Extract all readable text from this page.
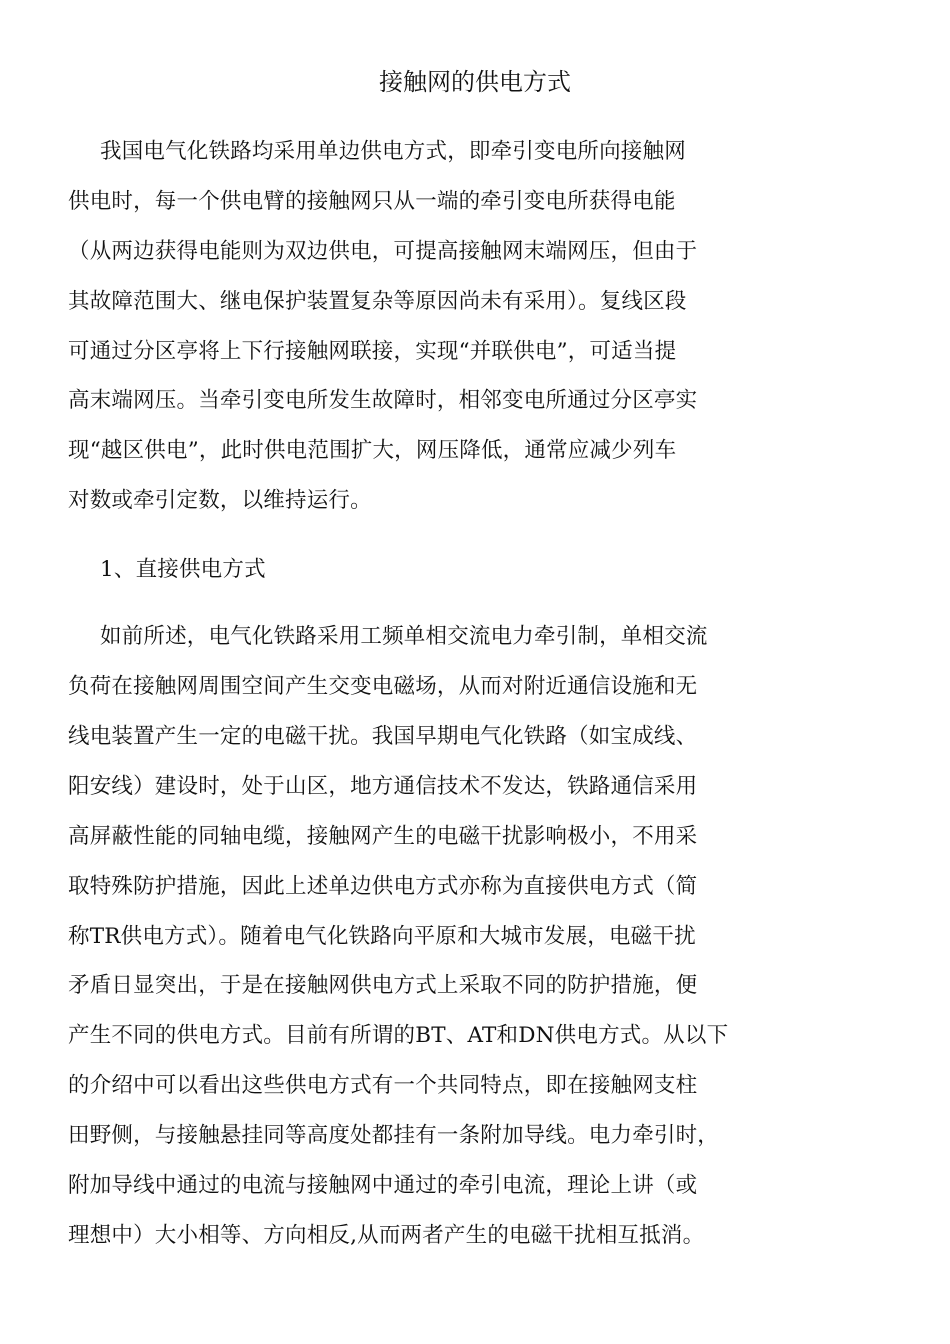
接触网的供电方式

我国电气化铁路均采用单边供电方式，即牵引变电所向接触网

供电时，每一个供电臂的接触网只从一端的牵引变电所获得电能

（从两边获得电能则为双边供电，可提高接触网末端网压，但由于

其故障范围大、继电保护装置复杂等原因尚未有采用）。复线区段

可通过分区亭将上下行接触网联接，实现“并联供电”，可适当提

高末端网压。当牵引变电所发生故障时，相邻变电所通过分区亭实

现“越区供电”，此时供电范围扩大，网压降低，通常应减少列车

对数或牵引定数，以维持运行。

1、直接供电方式

如前所述，电气化铁路采用工频单相交流电力牵引制，单相交流

负荷在接触网周围空间产生交变电磁场，从而对附近通信设施和无

线电装置产生一定的电磁干扰。我国早期电气化铁路（如宝成线、

阳安线）建设时，处于山区，地方通信技术不发达，铁路通信采用

高屏蔽性能的同轴电缆，接触网产生的电磁干扰影响极小，不用采

取特殊防护措施，因此上述单边供电方式亦称为直接供电方式（简

称TR供电方式）。随着电气化铁路向平原和大城市发展，电磁干扰

矛盾日显突出，于是在接触网供电方式上采取不同的防护措施，便

产生不同的供电方式。目前有所谓的BT、AT和DN供电方式。从以下

的介绍中可以看出这些供电方式有一个共同特点，即在接触网支柱

田野侧，与接触悬挂同等高度处都挂有一条附加导线。电力牵引时，

附加导线中通过的电流与接触网中通过的牵引电流，理论上讲（或

理想中）大小相等、方向相反,从而两者产生的电磁干扰相互抵消。
